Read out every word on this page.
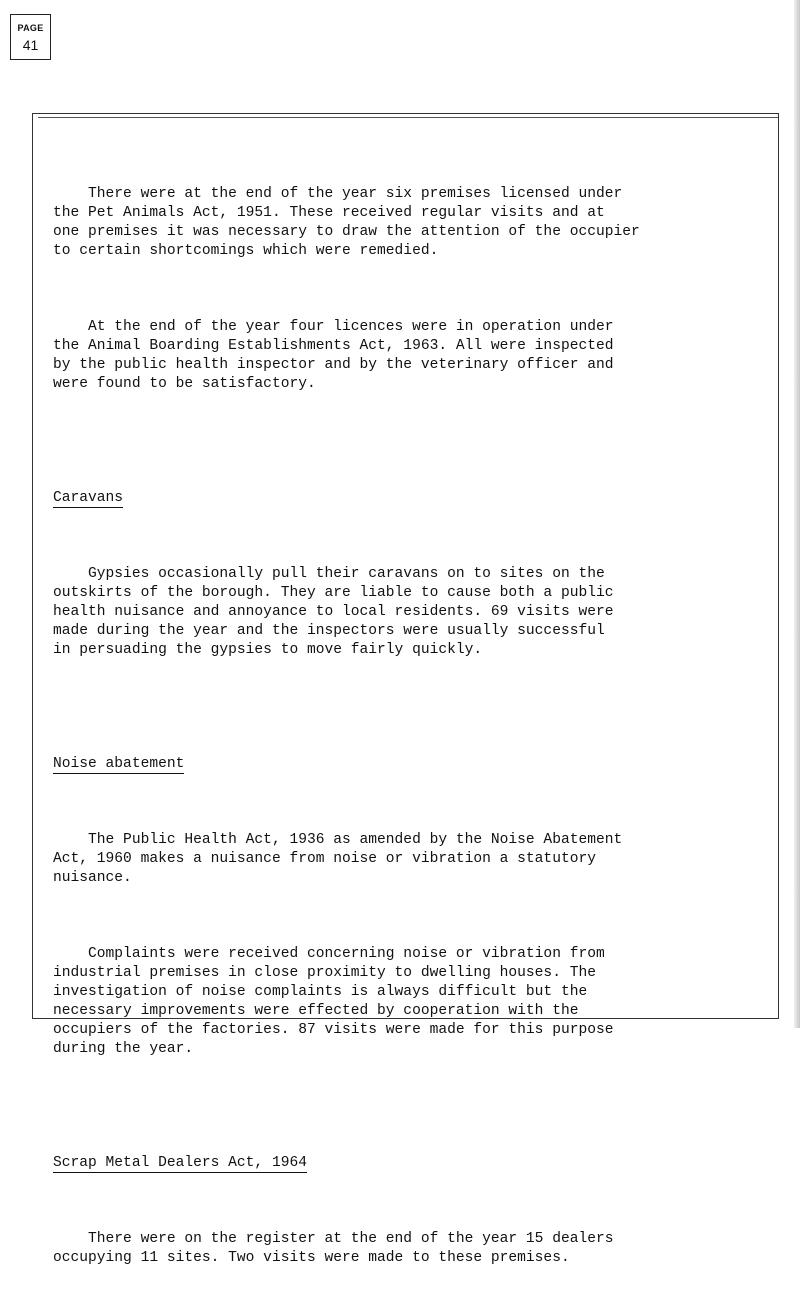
PAGE
41

There were at the end of the year six premises licensed under
the Pet Animals Act, 1951. These received regular visits and at
one premises it was necessary to draw the attention of the occupier
to certain shortcomings which were remedied.

At the end of the year four licences were in operation under
the Animal Boarding Establishments Act, 1963. All were inspected
by the public health inspector and by the veterinary officer and
were found to be satisfactory.

Caravans

Gypsies occasionally pull their caravans on to sites on the
outskirts of the borough. They are liable to cause both a public
health nuisance and annoyance to local residents. 69 visits were
made during the year and the inspectors were usually successful
in persuading the gypsies to move fairly quickly.

Noise abatement

The Public Health Act, 1936 as amended by the Noise Abatement
Act, 1960 makes a nuisance from noise or vibration a statutory
nuisance.

Complaints were received concerning noise or vibration from
industrial premises in close proximity to dwelling houses. The
investigation of noise complaints is always difficult but the
necessary improvements were effected by cooperation with the
occupiers of the factories. 87 visits were made for this purpose
during the year.

Scrap Metal Dealers Act, 1964

There were on the register at the end of the year 15 dealers
occupying 11 sites. Two visits were made to these premises.
